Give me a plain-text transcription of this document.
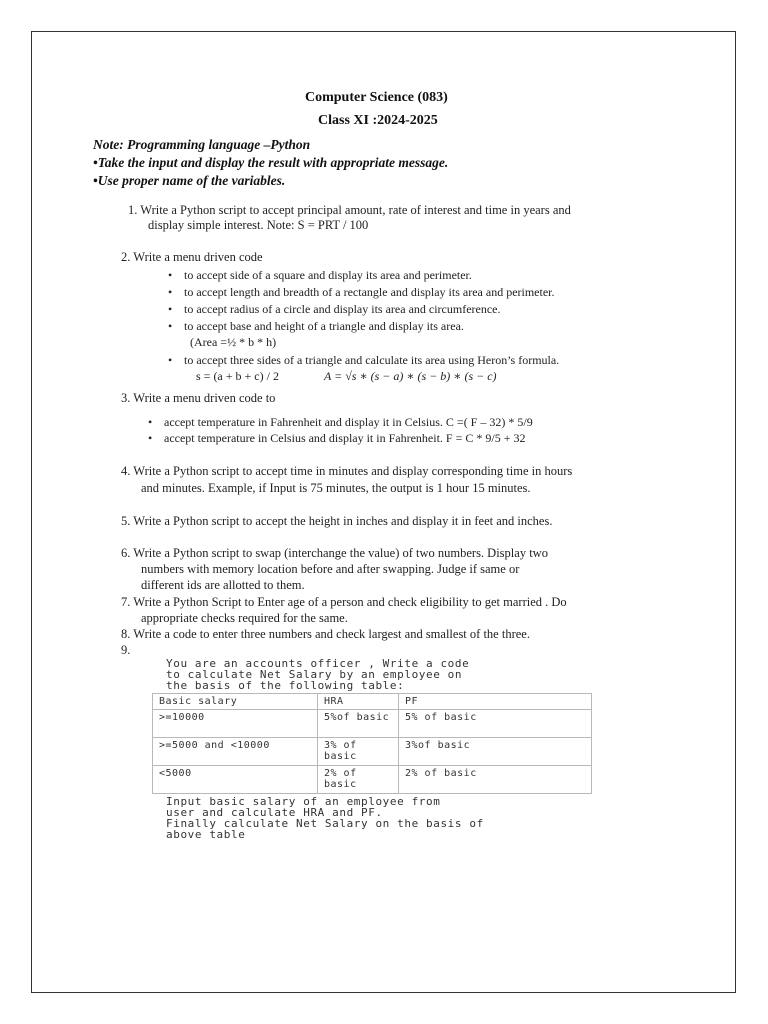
Computer Science (083)
Class XI :2024-2025
Note: Programming language –Python
•Take the input and display the result with appropriate message.
•Use proper name of the variables.
1. Write a Python script to accept principal amount, rate of interest and time in years and
display simple interest. Note: S = PRT / 100
2. Write a menu driven code
• to accept side of a square and display its area and perimeter.
• to accept length and breadth of a rectangle and display its area and perimeter.
• to accept radius of a circle and display its area and circumference.
• to accept base and height of a triangle and display its area.
(Area =½ * b * h)
• to accept three sides of a triangle and calculate its area using Heron’s formula.
s = (a + b + c) / 2	A = √s ∗ (s − a) ∗ (s − b) ∗ (s − c)
3. Write a menu driven code to
• accept temperature in Fahrenheit and display it in Celsius. C =( F – 32) * 5/9
• accept temperature in Celsius and display it in Fahrenheit. F = C * 9/5 + 32
4. Write a Python script to accept time in minutes and display corresponding time in hours
and minutes. Example, if Input is 75 minutes, the output is 1 hour 15 minutes.
5. Write a Python script to accept the height in inches and display it in feet and inches.
6. Write a Python script to swap (interchange the value) of two numbers. Display two
numbers with memory location before and after swapping. Judge if same or
different ids are allotted to them.
7. Write a Python Script to Enter age of a person and check eligibility to get married . Do
appropriate checks required for the same.
8. Write a code to enter three numbers and check largest and smallest of the three.
9.
You are an accounts officer , Write a code
to calculate Net Salary by an employee on
the basis of the following table:
Basic salary	HRA	PF
>=10000	5%of basic	5% of basic
>=5000 and <10000	3% of basic	3%of basic
<5000	2% of basic	2% of basic
Input basic salary of an employee from
user and calculate HRA and PF.
Finally calculate Net Salary on the basis of
above table
